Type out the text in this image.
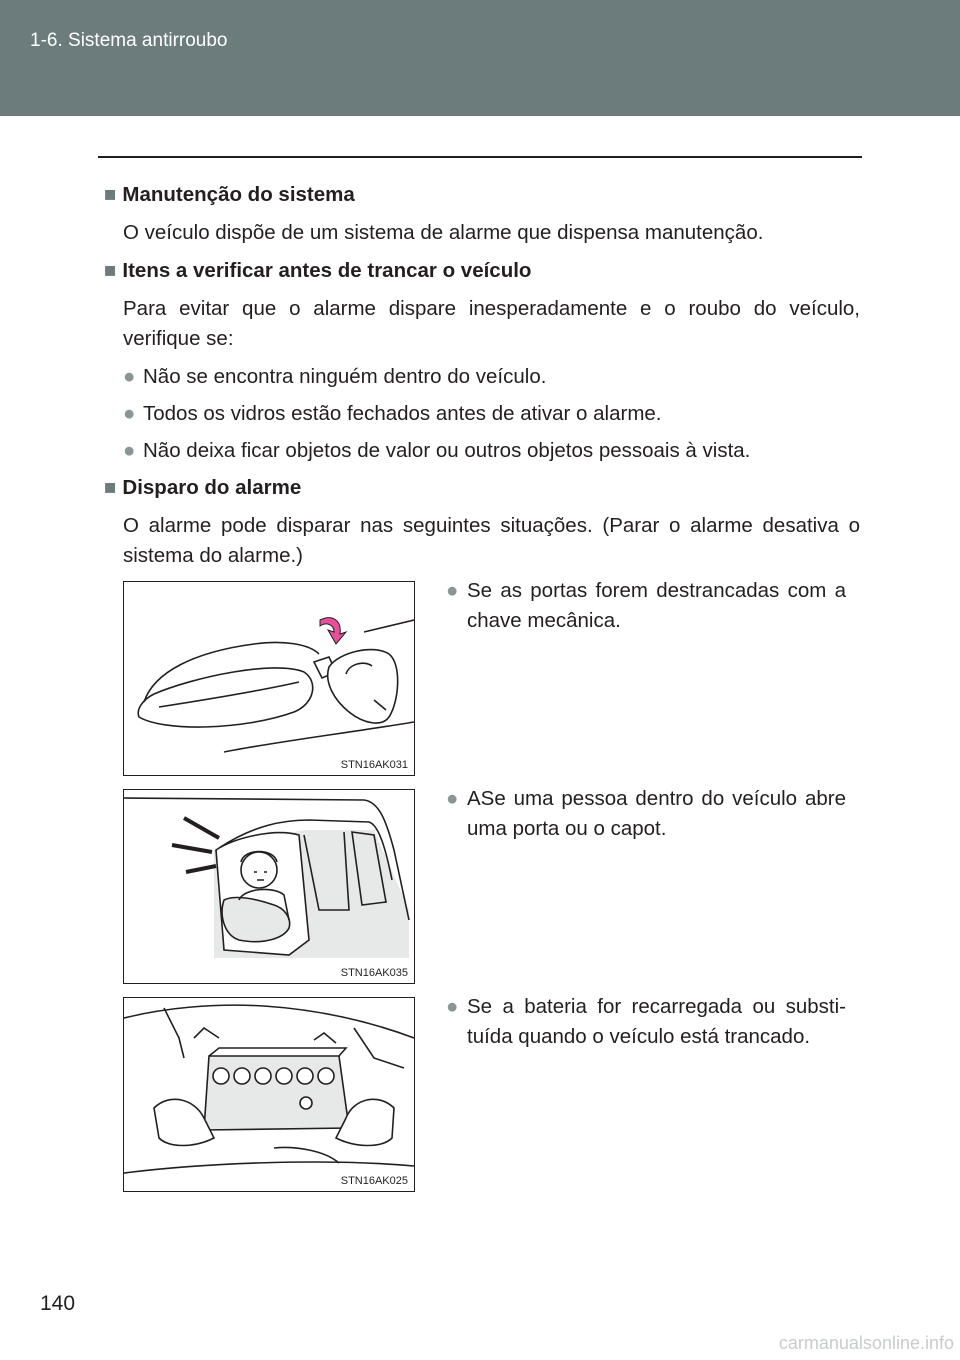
1-6. Sistema antirroubo
■ Manutenção do sistema
O veículo dispõe de um sistema de alarme que dispensa manutenção.
■ Itens a verificar antes de trancar o veículo
Para evitar que o alarme dispare inesperadamente e o roubo do veículo, verifique se:
● Não se encontra ninguém dentro do veículo.
● Todos os vidros estão fechados antes de ativar o alarme.
● Não deixa ficar objetos de valor ou outros objetos pessoais à vista.
■ Disparo do alarme
O alarme pode disparar nas seguintes situações. (Parar o alarme desativa o sistema do alarme.)
STN16AK031
● Se as portas forem destrancadas com a chave mecânica.
STN16AK035
● ASe uma pessoa dentro do veículo abre uma porta ou o capot.
STN16AK025
● Se a bateria for recarregada ou substi-tuída quando o veículo está trancado.
140
carmanualsonline.info
